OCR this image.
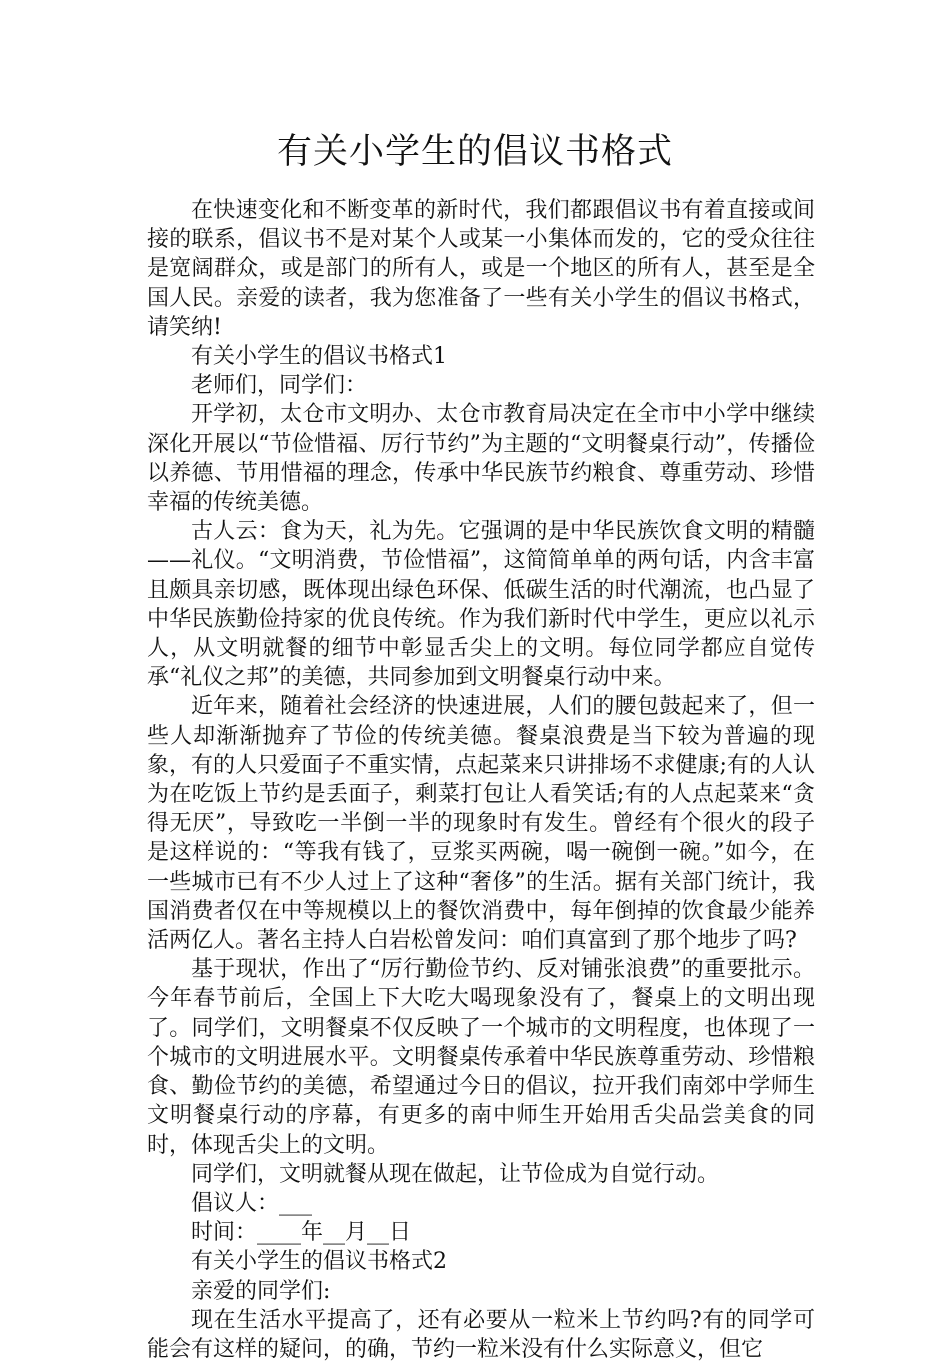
有关小学生的倡议书格式

在快速变化和不断变革的新时代，我们都跟倡议书有着直接或间接的联系，倡议书不是对某个人或某一小集体而发的，它的受众往往是宽阔群众，或是部门的所有人，或是一个地区的所有人，甚至是全国人民。亲爱的读者，我为您准备了一些有关小学生的倡议书格式，请笑纳!

有关小学生的倡议书格式1

老师们，同学们：

开学初，太仓市文明办、太仓市教育局决定在全市中小学中继续深化开展以“节俭惜福、厉行节约”为主题的“文明餐桌行动”，传播俭以养德、节用惜福的理念，传承中华民族节约粮食、尊重劳动、珍惜幸福的传统美德。

古人云：食为天，礼为先。它强调的是中华民族饮食文明的精髓——礼仪。“文明消费，节俭惜福”，这简简单单的两句话，内含丰富且颇具亲切感，既体现出绿色环保、低碳生活的时代潮流，也凸显了中华民族勤俭持家的优良传统。作为我们新时代中学生，更应以礼示人，从文明就餐的细节中彰显舌尖上的文明。每位同学都应自觉传承“礼仪之邦”的美德，共同参加到文明餐桌行动中来。

近年来，随着社会经济的快速进展，人们的腰包鼓起来了，但一些人却渐渐抛弃了节俭的传统美德。餐桌浪费是当下较为普遍的现象，有的人只爱面子不重实情，点起菜来只讲排场不求健康;有的人认为在吃饭上节约是丢面子，剩菜打包让人看笑话;有的人点起菜来“贪得无厌”，导致吃一半倒一半的现象时有发生。曾经有个很火的段子是这样说的：“等我有钱了，豆浆买两碗，喝一碗倒一碗。”如今，在一些城市已有不少人过上了这种“奢侈”的生活。据有关部门统计，我国消费者仅在中等规模以上的餐饮消费中，每年倒掉的饮食最少能养活两亿人。著名主持人白岩松曾发问：咱们真富到了那个地步了吗?

基于现状，作出了“厉行勤俭节约、反对铺张浪费”的重要批示。今年春节前后，全国上下大吃大喝现象没有了，餐桌上的文明出现了。同学们，文明餐桌不仅反映了一个城市的文明程度，也体现了一个城市的文明进展水平。文明餐桌传承着中华民族尊重劳动、珍惜粮食、勤俭节约的美德，希望通过今日的倡议，拉开我们南郊中学师生文明餐桌行动的序幕，有更多的南中师生开始用舌尖品尝美食的同时，体现舌尖上的文明。

同学们，文明就餐从现在做起，让节俭成为自觉行动。

倡议人：___

时间：____年__月__日

有关小学生的倡议书格式2

亲爱的同学们:

现在生活水平提高了，还有必要从一粒米上节约吗?有的同学可能会有这样的疑问，的确，节约一粒米没有什么实际意义，但它
